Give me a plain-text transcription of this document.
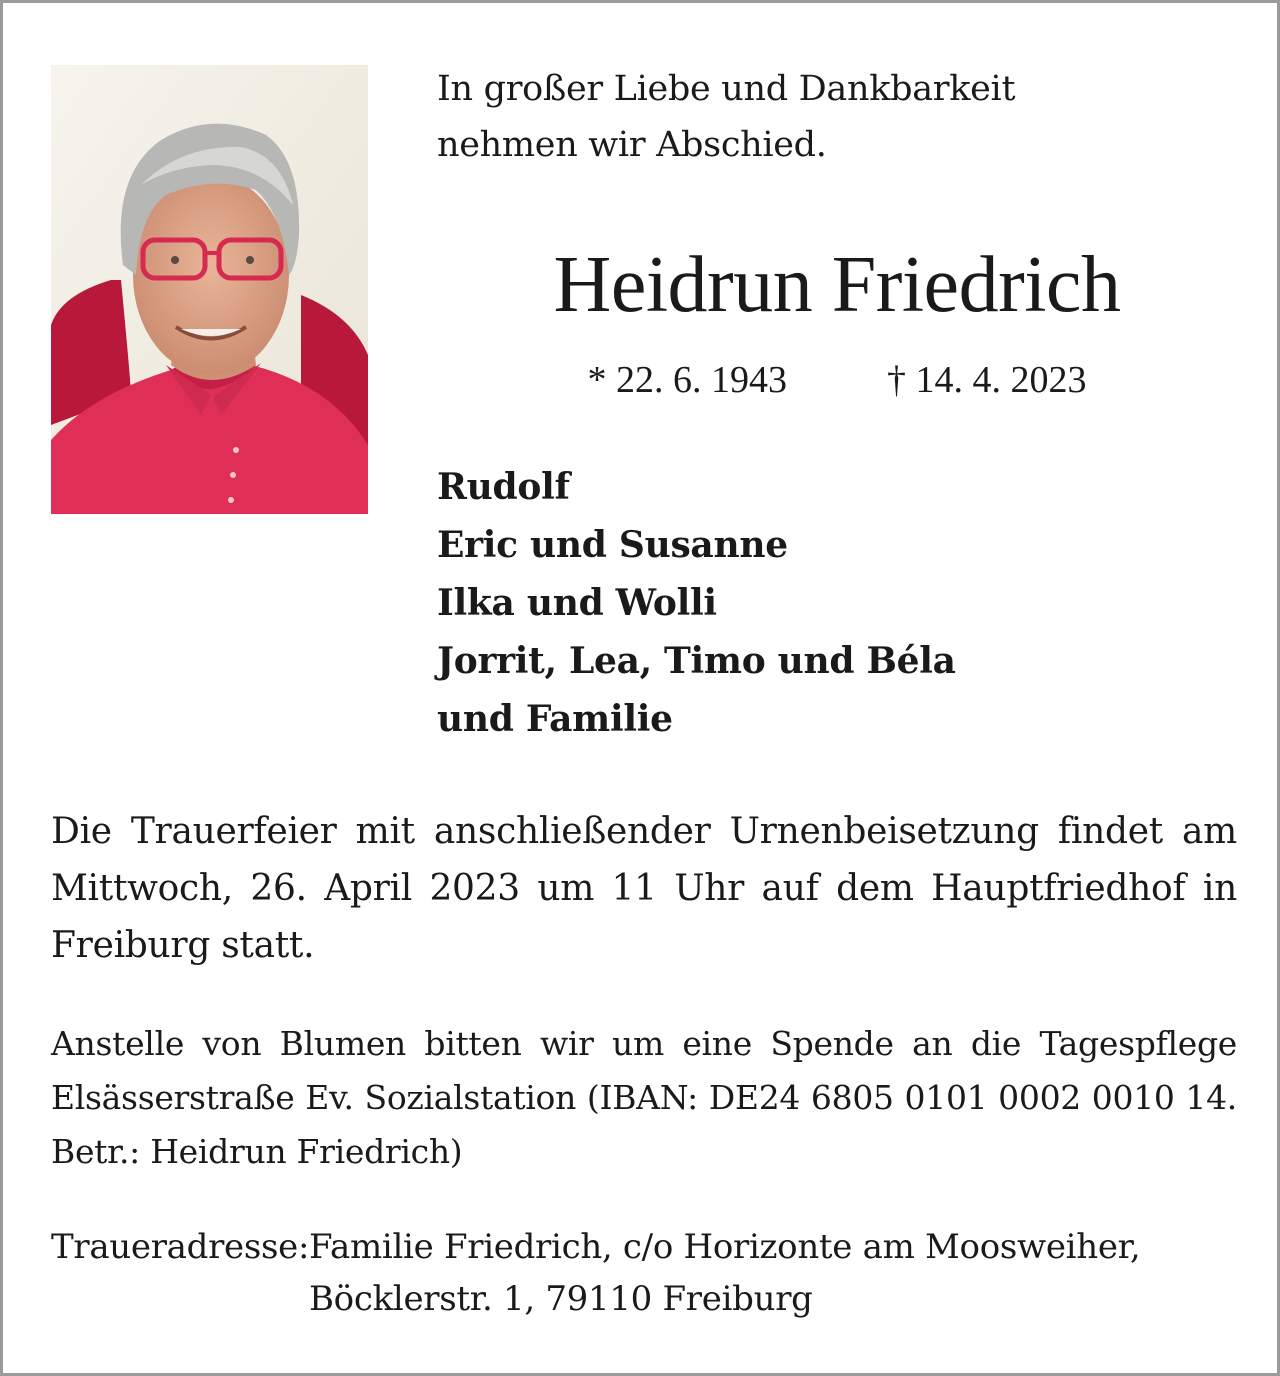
In großer Liebe und Dankbarkeit
nehmen wir Abschied.
Heidrun Friedrich
* 22. 6. 1943	† 14. 4. 2023
Rudolf
Eric und Susanne
Ilka und Wolli
Jorrit, Lea, Timo und Béla
und Familie
Die Trauerfeier mit anschließender Urnenbeisetzung findet am Mittwoch, 26. April 2023 um 11 Uhr auf dem Hauptfriedhof in Freiburg statt.
Anstelle von Blumen bitten wir um eine Spende an die Tagespflege Elsässerstraße Ev. Sozialstation (IBAN: DE24 6805 0101 0002 0010 14. Betr.: Heidrun Friedrich)
Traueradresse: Familie Friedrich, c/o Horizonte am Moosweiher,
Böcklerstr. 1, 79110 Freiburg
